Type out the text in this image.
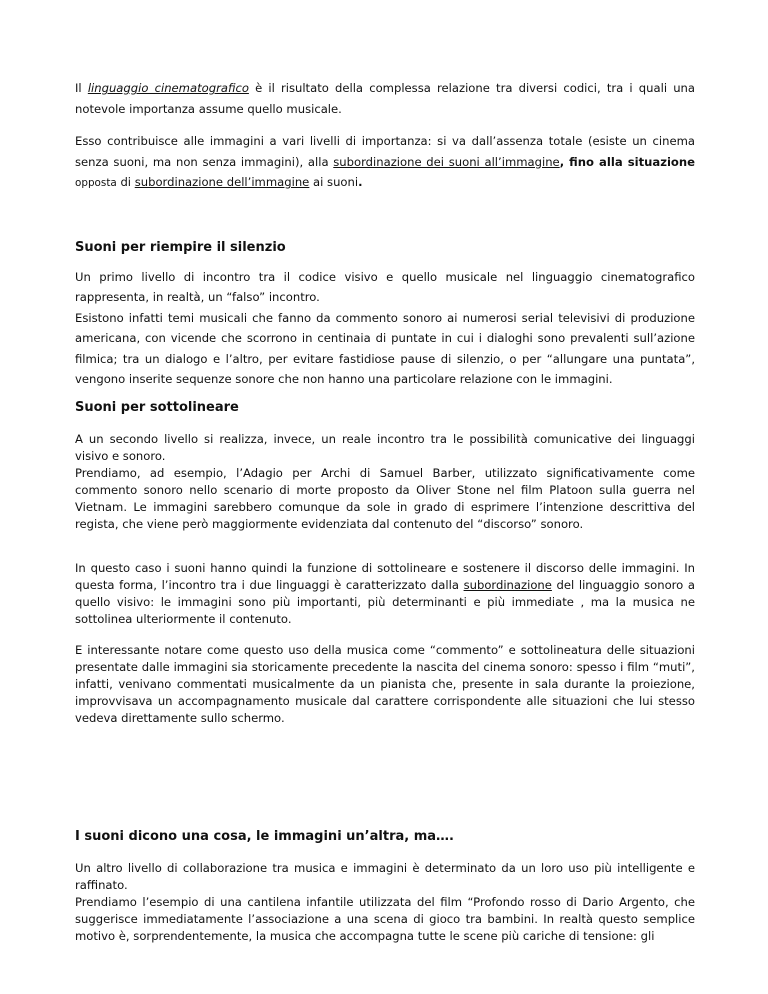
Il linguaggio cinematografico è il risultato della complessa relazione tra diversi codici, tra i quali una notevole importanza assume quello musicale.

Esso contribuisce alle immagini a vari livelli di importanza: si va dall’assenza totale (esiste un cinema senza suoni, ma non senza immagini), alla subordinazione dei suoni all’immagine, fino alla situazione opposta di subordinazione dell’immagine ai suoni.

Suoni per riempire il silenzio

Un primo livello di incontro tra il codice visivo e quello musicale nel linguaggio cinematografico rappresenta, in realtà, un “falso” incontro.

Esistono infatti temi musicali che fanno da commento sonoro ai numerosi serial televisivi di produzione americana, con vicende che scorrono in centinaia di puntate in cui i dialoghi sono prevalenti sull’azione filmica; tra un dialogo e l’altro, per evitare fastidiose pause di silenzio, o per “allungare una puntata”, vengono inserite sequenze sonore che non hanno una particolare relazione con le immagini.

Suoni per sottolineare

A un secondo livello si realizza, invece, un reale incontro tra le possibilità comunicative dei linguaggi visivo e sonoro.

Prendiamo, ad esempio, l’Adagio per Archi di Samuel Barber, utilizzato significativamente come commento sonoro nello scenario di morte proposto da Oliver Stone nel film Platoon sulla guerra nel Vietnam. Le immagini sarebbero comunque da sole in grado di esprimere l’intenzione descrittiva del regista, che viene però maggiormente evidenziata dal contenuto del “discorso” sonoro.

In questo caso i suoni hanno quindi la funzione di sottolineare e sostenere il discorso delle immagini. In questa forma, l’incontro tra i due linguaggi è caratterizzato dalla subordinazione del linguaggio sonoro a quello visivo: le immagini sono più importanti, più determinanti e più immediate , ma la musica ne sottolinea ulteriormente il contenuto.

E interessante notare come questo uso della musica come “commento” e sottolineatura delle situazioni presentate dalle immagini sia storicamente precedente la nascita del cinema sonoro: spesso i film “muti”, infatti, venivano commentati musicalmente da un pianista che, presente in sala durante la proiezione, improvvisava un accompagnamento musicale dal carattere corrispondente alle situazioni che lui stesso vedeva direttamente sullo schermo.

I suoni dicono una cosa, le immagini un’altra, ma….

Un altro livello di collaborazione tra musica e immagini è determinato da un loro uso più intelligente e raffinato.

Prendiamo l’esempio di una cantilena infantile utilizzata del film “Profondo rosso di Dario Argento, che suggerisce immediatamente l’associazione a una scena di gioco tra bambini. In realtà questo semplice motivo è, sorprendentemente, la musica che accompagna tutte le scene più cariche di tensione: gli
